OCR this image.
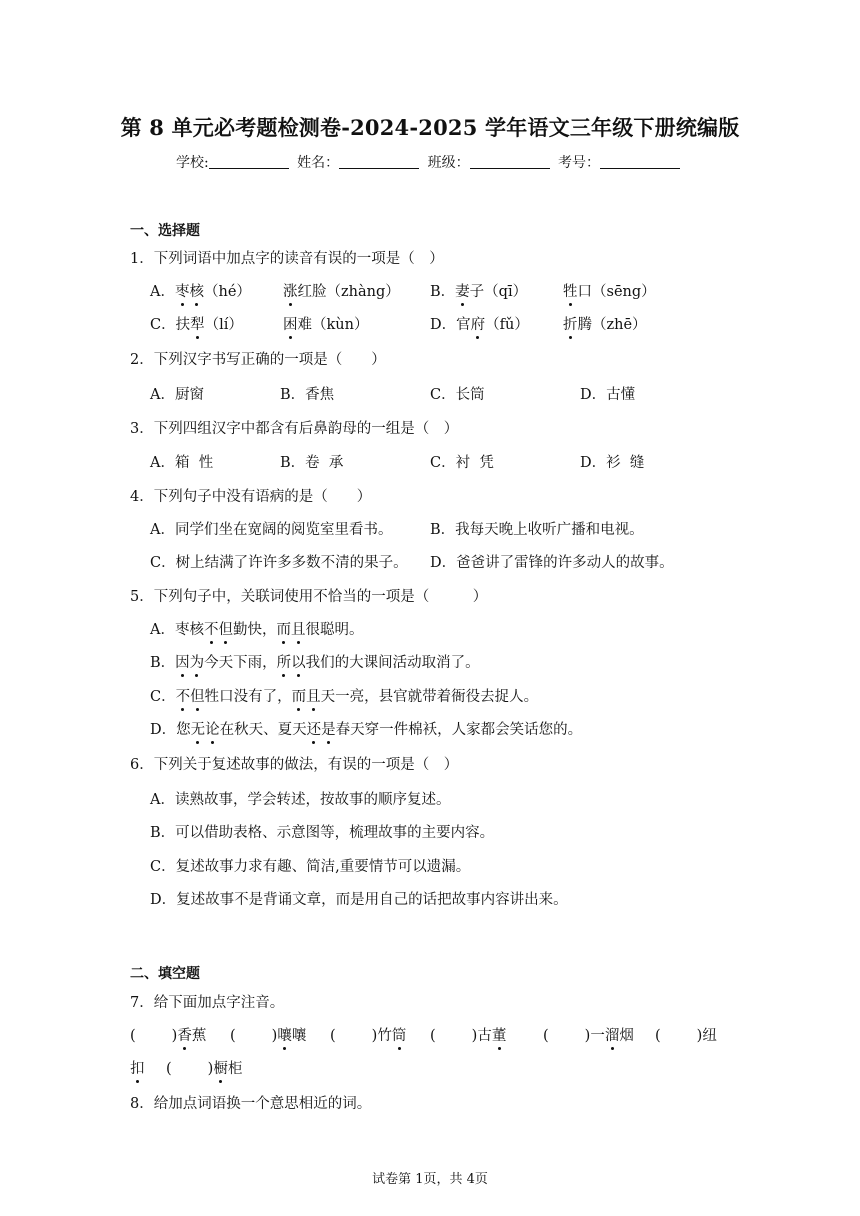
第 8 单元必考题检测卷-2024-2025 学年语文三年级下册统编版
学校:	姓名：	班级：	考号：
一、选择题
1．下列词语中加点字的读音有误的一项是（　）
A．枣核（hé） 涨红脸（zhàng） B．妻子（qī） 牲口（sēng）
C．扶犁（lí）	困难（kùn）	D．官府（fǔ） 折腾（zhē）
2．下列汉字书写正确的一项是（　　）
A．厨窗	B．香焦	C．长筒	D．古懂
3．下列四组汉字中都含有后鼻韵母的一组是（　）
A．箱  性	B．卷  承	C．衬  凭	D．衫  缝
4．下列句子中没有语病的是（　　）
A．同学们坐在宽阔的阅览室里看书。	B．我每天晚上收听广播和电视。
C．树上结满了许许多多数不清的果子。 D．爸爸讲了雷锋的许多动人的故事。
5．下列句子中，关联词使用不恰当的一项是（　　　）
A．枣核不但勤快，而且很聪明。
B．因为今天下雨，所以我们的大课间活动取消了。
C．不但牲口没有了，而且天一亮，县官就带着衙役去捉人。
D．您无论在秋天、夏天还是春天穿一件棉袄，人家都会笑话您的。
6．下列关于复述故事的做法，有误的一项是（　）
A．读熟故事，学会转述，按故事的顺序复述。
B．可以借助表格、示意图等，梳理故事的主要内容。
C．复述故事力求有趣、简洁,重要情节可以遗漏。
D．复述故事不是背诵文章，而是用自己的话把故事内容讲出来。
二、填空题
7．给下面加点字注音。
( )香蕉 ( )嚷嚷 ( )竹筒 ( )古董	( )一溜烟 ( )纽
扣 ( )橱柜
8．给加点词语换一个意思相近的词。
试卷第 1页，共 4页
